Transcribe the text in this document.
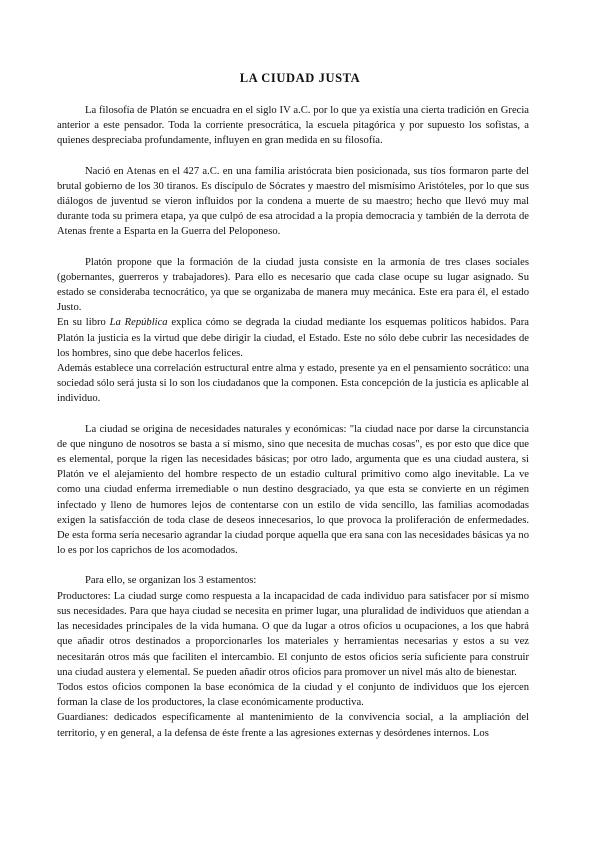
LA CIUDAD JUSTA

La filosofía de Platón se encuadra en el siglo IV a.C. por lo que ya existía una cierta tradición en Grecia anterior a este pensador. Toda la corriente presocrática, la escuela pitagórica y por supuesto los sofistas, a quienes despreciaba profundamente, influyen en gran medida en su filosofía.

Nació en Atenas en el 427 a.C. en una familia aristócrata bien posicionada, sus tíos formaron parte del brutal gobierno de los 30 tiranos. Es discípulo de Sócrates y maestro del mismísimo Aristóteles, por lo que sus diálogos de juventud se vieron influidos por la condena a muerte de su maestro; hecho que llevó muy mal durante toda su primera etapa, ya que culpó de esa atrocidad a la propia democracia y también de la derrota de Atenas frente a Esparta en la Guerra del Peloponeso.

Platón propone que la formación de la ciudad justa consiste en la armonía de tres clases sociales (gobernantes, guerreros y trabajadores). Para ello es necesario que cada clase ocupe su lugar asignado. Su estado se consideraba tecnocrático, ya que se organizaba de manera muy mecánica. Este era para él, el estado Justo.

En su libro La República explica cómo se degrada la ciudad mediante los esquemas políticos habidos. Para Platón la justicia es la virtud que debe dirigir la ciudad, el Estado. Este no sólo debe cubrir las necesidades de los hombres, sino que debe hacerlos felices.

Además establece una correlación estructural entre alma y estado, presente ya en el pensamiento socrático: una sociedad sólo será justa si lo son los ciudadanos que la componen. Esta concepción de la justicia es aplicable al individuo.

La ciudad se origina de necesidades naturales y económicas: "la ciudad nace por darse la circunstancia de que ninguno de nosotros se basta a sí mismo, sino que necesita de muchas cosas", es por esto que dice que es elemental, porque la rigen las necesidades básicas; por otro lado, argumenta que es una ciudad austera, si Platón ve el alejamiento del hombre respecto de un estadio cultural primitivo como algo inevitable. La ve como una ciudad enferma irremediable o nun destino desgraciado, ya que esta se convierte en un régimen infectado y lleno de humores lejos de contentarse con un estilo de vida sencillo, las familias acomodadas exigen la satisfacción de toda clase de deseos innecesarios, lo que provoca la proliferación de enfermedades. De esta forma sería necesario agrandar la ciudad porque aquella que era sana con las necesidades básicas ya no lo es por los caprichos de los acomodados.

Para ello, se organizan los 3 estamentos:

Productores: La ciudad surge como respuesta a la incapacidad de cada individuo para satisfacer por sí mismo sus necesidades. Para que haya ciudad se necesita en primer lugar, una pluralidad de individuos que atiendan a las necesidades principales de la vida humana. O que da lugar a otros oficios u ocupaciones, a los que habrá que añadir otros destinados a proporcionarles los materiales y herramientas necesarias y estos a su vez necesitarán otros más que faciliten el intercambio. El conjunto de estos oficios sería suficiente para construir una ciudad austera y elemental. Se pueden añadir otros oficios para promover un nivel más alto de bienestar.

Todos estos oficios componen la base económica de la ciudad y el conjunto de individuos que los ejercen forman la clase de los productores, la clase económicamente productiva.

Guardianes: dedicados específicamente al mantenimiento de la convivencia social, a la ampliación del territorio, y en general, a la defensa de éste frente a las agresiones externas y desórdenes internos. Los
